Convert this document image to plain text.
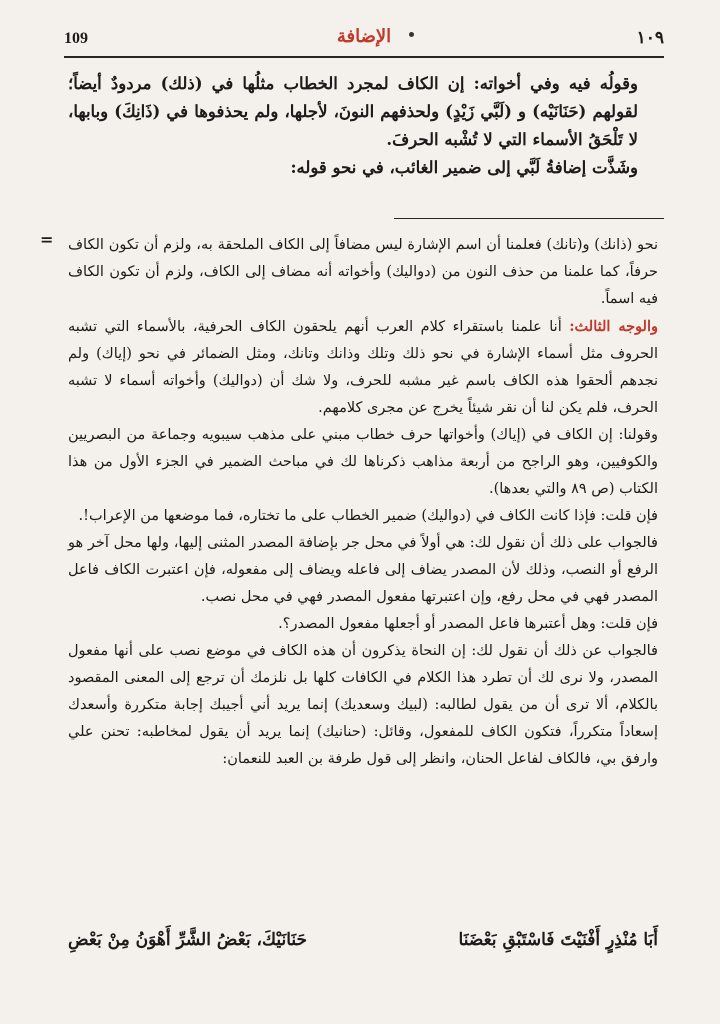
109	الإضافة	١٠٩

وقولُه فيه وفي أخواته: إن الكاف لمجرد الخطاب مثلُها في (ذلك) مردودٌ أيضاً؛ لقولهم (حَنَانَيْه) و (لَبَّي زَيْدٍ) ولحذفهم النونَ، لأجلها، ولم يحذفوها في (ذَانِكَ) وبابها، لا تَلْحَقُ الأسماء التي لا تُشْبه الحرفَ.

وشَذَّت إضافةُ لَبَّي إلى ضمير الغائب، في نحو قوله:

= نحو (ذانك) و(تانك) فعلمنا أن اسم الإشارة ليس مضافاً إلى الكاف الملحقة به، ولزم أن تكون الكاف حرفاً، كما علمنا من حذف النون من (دواليك) وأخواته أنه مضاف إلى الكاف، ولزم أن تكون الكاف فيه اسماً.

والوجه الثالث: أنا علمنا باستقراء كلام العرب أنهم يلحقون الكاف الحرفية، بالأسماء التي تشبه الحروف مثل أسماء الإشارة في نحو ذلك وتلك وذانك وتانك، ومثل الضمائر في نحو (إياك) ولم نجدهم ألحقوا هذه الكاف باسم غير مشبه للحرف، ولا شك أن (دواليك) وأخواته أسماء لا تشبه الحرف، فلم يكن لنا أن نقر شيئاً يخرج عن مجرى كلامهم.

وقولنا: إن الكاف في (إياك) وأخواتها حرف خطاب مبني على مذهب سيبويه وجماعة من البصريين والكوفيين، وهو الراجح من أربعة مذاهب ذكرناها لك في مباحث الضمير في الجزء الأول من هذا الكتاب (ص ٨٩ والتي بعدها).

فإن قلت: فإذا كانت الكاف في (دواليك) ضمير الخطاب على ما تختاره، فما موضعها من الإعراب!.

فالجواب على ذلك أن نقول لك: هي أولاً في محل جر بإضافة المصدر المثنى إليها، ولها محل آخر هو الرفع أو النصب، وذلك لأن المصدر يضاف إلى فاعله ويضاف إلى مفعوله، فإن اعتبرت الكاف فاعل المصدر فهي في محل رفع، وإن اعتبرتها مفعول المصدر فهي في محل نصب.

فإن قلت: وهل أعتبرها فاعل المصدر أو أجعلها مفعول المصدر؟.

فالجواب عن ذلك أن نقول لك: إن النحاة يذكرون أن هذه الكاف في موضع نصب على أنها مفعول المصدر، ولا نرى لك أن تطرد هذا الكلام في الكافات كلها بل نلزمك أن ترجع إلى المعنى المقصود بالكلام، ألا ترى أن من يقول لطالبه: (لبيك وسعديك) إنما يريد أني أجيبك إجابة متكررة وأسعدك إسعاداً متكرراً، فتكون الكاف للمفعول، وقائل: (حنانيك) إنما يريد أن يقول لمخاطبه: تحنن علي وارفق بي، فالكاف لفاعل الحنان، وانظر إلى قول طرفة بن العبد للنعمان:

أَبَا مُنْذِرٍ أَفْنَيْتَ فَاسْتَبْقِ بَعْضَنَا
حَنَانَيْكَ، بَعْضُ الشَّرِّ أَهْوَنُ مِنْ بَعْضِ
